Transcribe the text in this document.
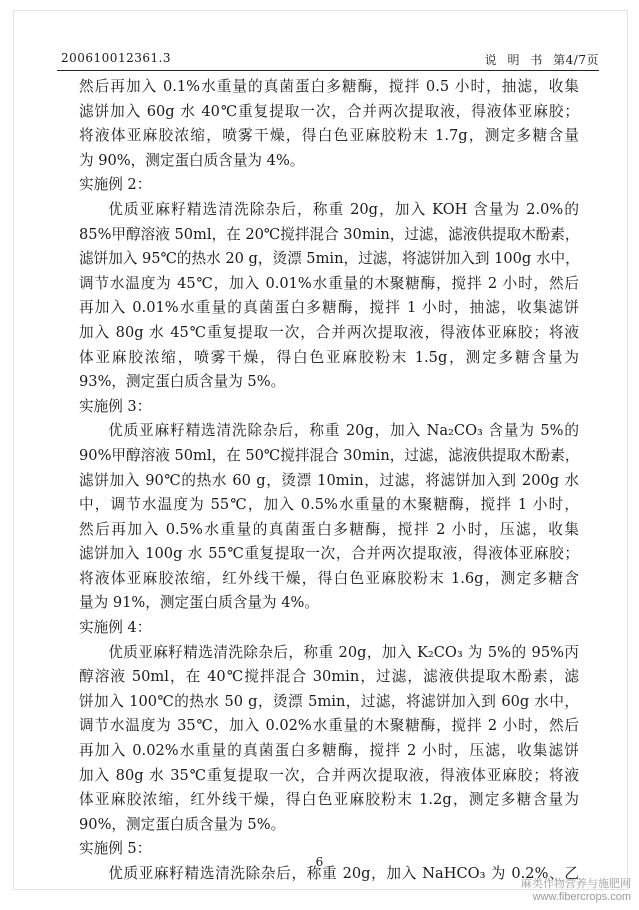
200610012361.3	说 明 书 第4/7页
然后再加入 0.1%水重量的真菌蛋白多糖酶，搅拌 0.5 小时，抽滤，收集
滤饼加入 60g 水 40℃重复提取一次，合并两次提取液，得液体亚麻胶；
将液体亚麻胶浓缩，喷雾干燥，得白色亚麻胶粉末 1.7g，测定多糖含量
为 90%，测定蛋白质含量为 4%。

实施例 2：

优质亚麻籽精选清洗除杂后，称重 20g，加入 KOH 含量为 2.0%的
85%甲醇溶液 50ml，在 20℃搅拌混合 30min，过滤，滤液供提取木酚素，
滤饼加入 95℃的热水 20 g，烫漂 5min，过滤，将滤饼加入到 100g 水中，
调节水温度为 45℃，加入 0.01%水重量的木聚糖酶，搅拌 2 小时，然后
再加入 0.01%水重量的真菌蛋白多糖酶，搅拌 1 小时，抽滤，收集滤饼
加入 80g 水 45℃重复提取一次，合并两次提取液，得液体亚麻胶；将液
体亚麻胶浓缩，喷雾干燥，得白色亚麻胶粉末 1.5g，测定多糖含量为
93%，测定蛋白质含量为 5%。

实施例 3：

优质亚麻籽精选清洗除杂后，称重 20g，加入 Na₂CO₃ 含量为 5%的
90%甲醇溶液 50ml，在 50℃搅拌混合 30min，过滤，滤液供提取木酚素，
滤饼加入 90℃的热水 60 g，烫漂 10min，过滤，将滤饼加入到 200g 水
中，调节水温度为 55℃，加入 0.5%水重量的木聚糖酶，搅拌 1 小时，
然后再加入 0.5%水重量的真菌蛋白多糖酶，搅拌 2 小时，压滤，收集
滤饼加入 100g 水 55℃重复提取一次，合并两次提取液，得液体亚麻胶；
将液体亚麻胶浓缩，红外线干燥，得白色亚麻胶粉末 1.6g，测定多糖含
量为 91%，测定蛋白质含量为 4%。

实施例 4：

优质亚麻籽精选清洗除杂后，称重 20g，加入 K₂CO₃ 为 5%的 95%丙
醇溶液 50ml，在 40℃搅拌混合 30min，过滤，滤液供提取木酚素，滤
饼加入 100℃的热水 50 g，烫漂 5min，过滤，将滤饼加入到 60g 水中，
调节水温度为 35℃，加入 0.02%水重量的木聚糖酶，搅拌 2 小时，然后
再加入 0.02%水重量的真菌蛋白多糖酶，搅拌 2 小时，压滤，收集滤饼
加入 80g 水 35℃重复提取一次，合并两次提取液，得液体亚麻胶；将液
体亚麻胶浓缩，红外线干燥，得白色亚麻胶粉末 1.2g，测定多糖含量为
90%，测定蛋白质含量为 5%。

实施例 5：

优质亚麻籽精选清洗除杂后，称重 20g，加入 NaHCO₃ 为 0.2%、乙
6
麻类作物营养与施肥网
www.fibercrops.com
